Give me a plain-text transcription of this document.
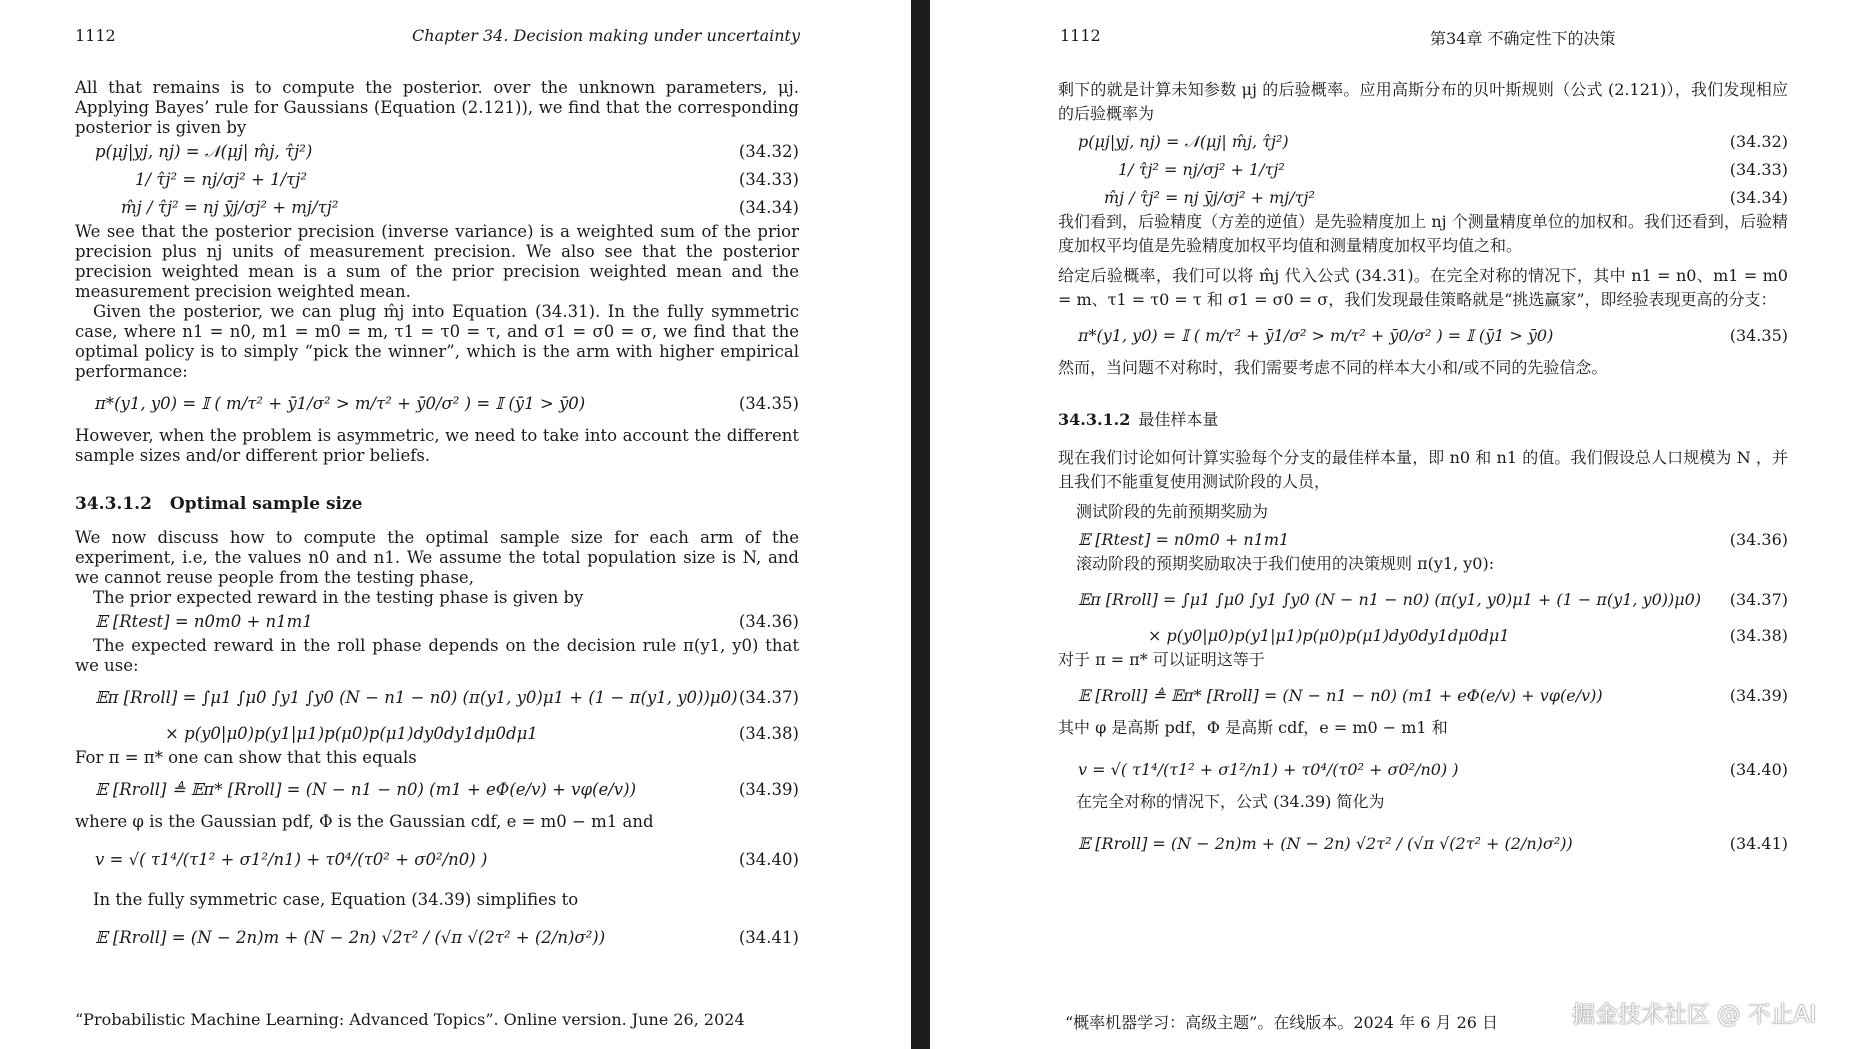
1112	Chapter 34. Decision making under uncertainty

All that remains is to compute the posterior. over the unknown parameters, μj. Applying Bayes’ rule for Gaussians (Equation (2.121)), we find that the corresponding posterior is given by

p(μj|yj, nj) = 𝒩(μj| m̂j, τ̂j²)	(34.32)
1/ τ̂j² = nj/σj² + 1/τj²	(34.33)
m̂j / τ̂j² = nj ȳj/σj² + mj/τj²	(34.34)

We see that the posterior precision (inverse variance) is a weighted sum of the prior precision plus nj units of measurement precision. We also see that the posterior precision weighted mean is a sum of the prior precision weighted mean and the measurement precision weighted mean.

Given the posterior, we can plug m̂j into Equation (34.31). In the fully symmetric case, where n1 = n0, m1 = m0 = m, τ1 = τ0 = τ, and σ1 = σ0 = σ, we find that the optimal policy is to simply “pick the winner”, which is the arm with higher empirical performance:

π*(y1, y0) = 𝕀 ( m/τ² + ȳ1/σ² > m/τ² + ȳ0/σ² ) = 𝕀 (ȳ1 > ȳ0)	(34.35)

However, when the problem is asymmetric, we need to take into account the different sample sizes and/or different prior beliefs.

34.3.1.2 Optimal sample size

We now discuss how to compute the optimal sample size for each arm of the experiment, i.e, the values n0 and n1. We assume the total population size is N, and we cannot reuse people from the testing phase,

The prior expected reward in the testing phase is given by

𝔼 [Rtest] = n0m0 + n1m1	(34.36)

The expected reward in the roll phase depends on the decision rule π(y1, y0) that we use:

𝔼π [Rroll] = ∫μ1 ∫μ0 ∫y1 ∫y0 (N − n1 − n0) (π(y1, y0)μ1 + (1 − π(y1, y0))μ0) (34.37)
× p(y0|μ0)p(y1|μ1)p(μ0)p(μ1)dy0dy1dμ0dμ1	(34.38)

For π = π* one can show that this equals

𝔼 [Rroll] ≜ 𝔼π* [Rroll] = (N − n1 − n0) (m1 + eΦ(e/v) + vφ(e/v))	(34.39)

where φ is the Gaussian pdf, Φ is the Gaussian cdf, e = m0 − m1 and

v = √( τ1⁴/(τ1² + σ1²/n1) + τ0⁴/(τ0² + σ0²/n0) )	(34.40)

In the fully symmetric case, Equation (34.39) simplifies to

𝔼 [Rroll] = (N − 2n)m + (N − 2n) √2τ² / (√π √(2τ² + (2/n)σ²))	(34.41)
“Probabilistic Machine Learning: Advanced Topics”. Online version. June 26, 2024
1112	第34章 不确定性下的决策

剩下的就是计算未知参数 μj 的后验概率。应用高斯分布的贝叶斯规则（公式 (2.121)），我们发现相应的后验概率为

p(μj|yj, nj) = 𝒩(μj| m̂j, τ̂j²)	(34.32)
1/ τ̂j² = nj/σj² + 1/τj²	(34.33)
m̂j / τ̂j² = nj ȳj/σj² + mj/τj²	(34.34)

我们看到，后验精度（方差的逆值）是先验精度加上 nj 个测量精度单位的加权和。我们还看到，后验精度加权平均值是先验精度加权平均值和测量精度加权平均值之和。

给定后验概率，我们可以将 m̂j 代入公式 (34.31)。在完全对称的情况下，其中 n1 = n0、m1 = m0 = m、τ1 = τ0 = τ 和 σ1 = σ0 = σ，我们发现最佳策略就是“挑选赢家”，即经验表现更高的分支：

π*(y1, y0) = 𝕀 ( m/τ² + ȳ1/σ² > m/τ² + ȳ0/σ² ) = 𝕀 (ȳ1 > ȳ0)	(34.35)

然而，当问题不对称时，我们需要考虑不同的样本大小和/或不同的先验信念。

34.3.1.2 最佳样本量

现在我们讨论如何计算实验每个分支的最佳样本量，即 n0 和 n1 的值。我们假设总人口规模为 N ，并且我们不能重复使用测试阶段的人员，

测试阶段的先前预期奖励为

𝔼 [Rtest] = n0m0 + n1m1	(34.36)

滚动阶段的预期奖励取决于我们使用的决策规则 π(y1, y0):

𝔼π [Rroll] = ∫μ1 ∫μ0 ∫y1 ∫y0 (N − n1 − n0) (π(y1, y0)μ1 + (1 − π(y1, y0))μ0) (34.37)
× p(y0|μ0)p(y1|μ1)p(μ0)p(μ1)dy0dy1dμ0dμ1	(34.38)

对于 π = π* 可以证明这等于

𝔼 [Rroll] ≜ 𝔼π* [Rroll] = (N − n1 − n0) (m1 + eΦ(e/v) + vφ(e/v))	(34.39)

其中 φ 是高斯 pdf，Φ 是高斯 cdf，e = m0 − m1 和

v = √( τ1⁴/(τ1² + σ1²/n1) + τ0⁴/(τ0² + σ0²/n0) )	(34.40)

在完全对称的情况下，公式 (34.39) 简化为

𝔼 [Rroll] = (N − 2n)m + (N − 2n) √2τ² / (√π √(2τ² + (2/n)σ²))	(34.41)
“概率机器学习：高级主题”。在线版本。2024 年 6 月 26 日	掘金技术社区 @ 不止AI
